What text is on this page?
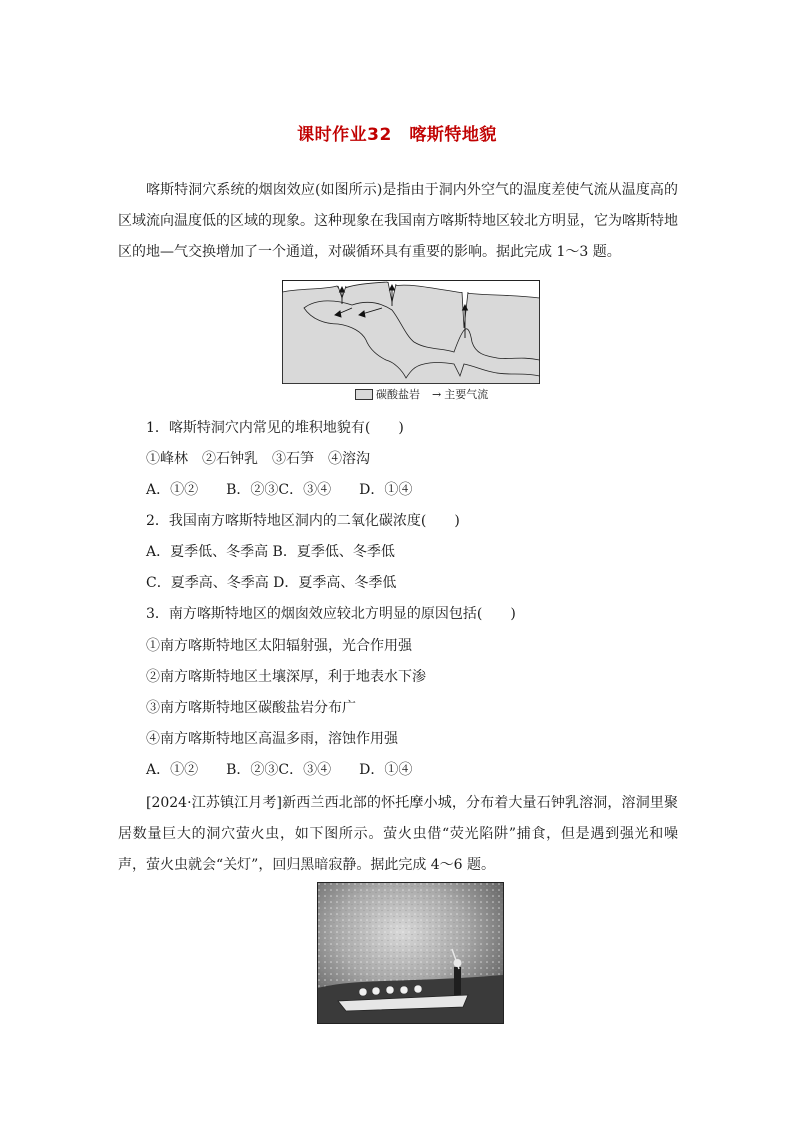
课时作业32　喀斯特地貌
喀斯特洞穴系统的烟囱效应(如图所示)是指由于洞内外空气的温度差使气流从温度高的区域流向温度低的区域的现象。这种现象在我国南方喀斯特地区较北方明显，它为喀斯特地区的地—气交换增加了一个通道，对碳循环具有重要的影响。据此完成 1～3 题。
碳酸盐岩 → 主要气流
1．喀斯特洞穴内常见的堆积地貌有(　　)
①峰林　②石钟乳　③石笋　④溶沟
A．①②　　B．②③C．③④　　D．①④
2．我国南方喀斯特地区洞内的二氧化碳浓度(　　)
A．夏季低、冬季高 B．夏季低、冬季低
C．夏季高、冬季高 D．夏季高、冬季低
3．南方喀斯特地区的烟囱效应较北方明显的原因包括(　　)
①南方喀斯特地区太阳辐射强，光合作用强
②南方喀斯特地区土壤深厚，利于地表水下渗
③南方喀斯特地区碳酸盐岩分布广
④南方喀斯特地区高温多雨，溶蚀作用强
A．①②　　B．②③C．③④　　D．①④
[2024·江苏镇江月考]新西兰西北部的怀托摩小城，分布着大量石钟乳溶洞，溶洞里聚居数量巨大的洞穴萤火虫，如下图所示。萤火虫借“荧光陷阱”捕食，但是遇到强光和噪声，萤火虫就会“关灯”，回归黑暗寂静。据此完成 4～6 题。
